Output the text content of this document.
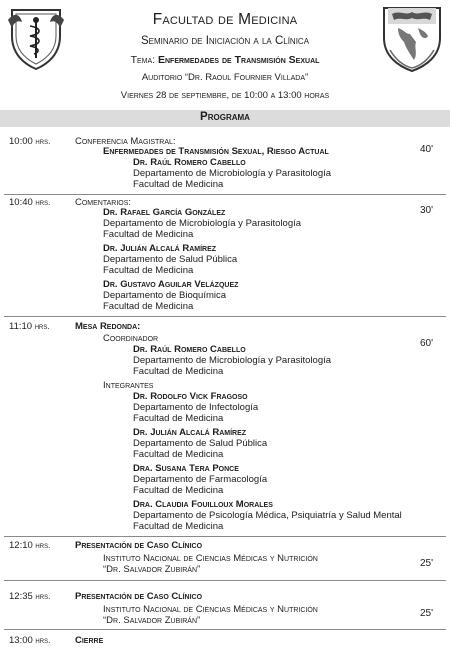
Facultad de Medicina
Seminario de Iniciación a la Clínica
Tema: Enfermedades de Transmisión Sexual
Auditorio “Dr. Raoul Fournier Villada”
Viernes 28 de septiembre, de 10:00 a 13:00 horas
Programa
10:00 hrs.	Conferencia Magistral:
Enfermedades de Transmisión Sexual, Riesgo Actual	40'
Dr. Raúl Romero Cabello
Departamento de Microbiología y Parasitología
Facultad de Medicina
10:40 hrs.	Comentarios:
30'
Dr. Rafael García González
Departamento de Microbiología y Parasitología
Facultad de Medicina
Dr. Julián Alcalá Ramírez
Departamento de Salud Pública
Facultad de Medicina
Dr. Gustavo Aguilar Velázquez
Departamento de Bioquímica
Facultad de Medicina
11:10 hrs.	Mesa Redonda:
Coordinador	60'
Dr. Raúl Romero Cabello
Departamento de Microbiología y Parasitología
Facultad de Medicina
Integrantes
Dr. Rodolfo Vick Fragoso
Departamento de Infectología
Facultad de Medicina
Dr. Julián Alcalá Ramírez
Departamento de Salud Pública
Facultad de Medicina
Dra. Susana Tera Ponce
Departamento de Farmacología
Facultad de Medicina
Dra. Claudia Fouilloux Morales
Departamento de Psicología Médica, Psiquiatría y Salud Mental
Facultad de Medicina
12:10 hrs.	Presentación de Caso Clínico
Instituto Nacional de Ciencias Médicas y Nutrición
“Dr. Salvador Zubirán”
25'
12:35 hrs.	Presentación de Caso Clínico
Instituto Nacional de Ciencias Médicas y Nutrición
“Dr. Salvador Zubirán”
25'
13:00 hrs.	Cierre
